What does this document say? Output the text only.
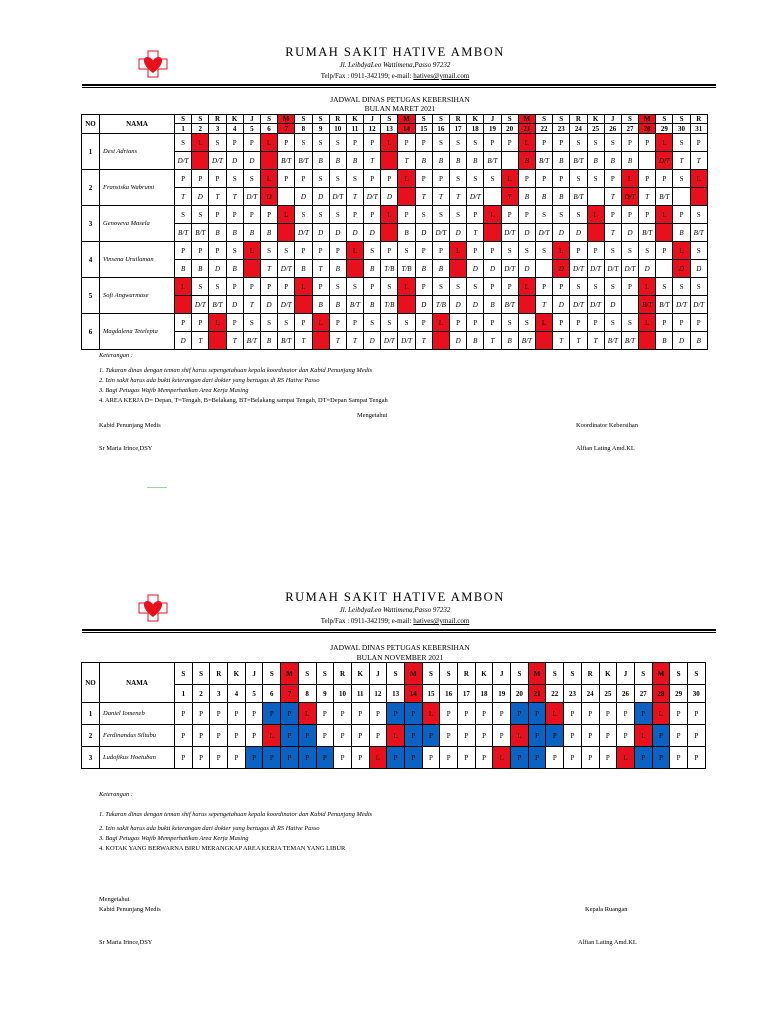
RUMAH SAKIT HATIVE AMBON
Jl. LeibdyaLeo Wattimena,Passo 97232
Telp/Fax : 0911-342199; e-mail: hatives@ymail.com
JADWAL DINAS PETUGAS KEBERSIHAN
BULAN MARET 2021
NO	NAMA	S	S	R	K	J	S	M	S	S	R	K	J	S	M	S	S	R	K	J	S	M	S	S	R	K	J	S	M	S	S	R
		1	2	3	4	5	6	7	8	9	10	11	12	13	14	15	16	17	18	19	20	21	22	23	24	25	26	27	28	29	30	31
1	Desi Adrians	S	L	S	P	P	L	P	S	S	S	P	P	L	P	P	S	S	S	P	P	L	P	P	S	S	S	P	P	L	S	P
		D/T		D/T	D	D		B/T	B/T	B	B	B	T		T	B	B	B	B	B/T		B	B/T	B	B/T	B	B	B		D/T	T	T
2	Fransiska Wabrumi	P	P	P	S	S	L	P	P	S	S	S	P	P	L	P	P	S	S	S	L	P	P	P	S	S	P	L	P	P	S	L
		T	D	T	T	D/T	D		D	D	D/T	T	D/T	D		T	T	T	D/T		T	B	B	B	B/T		T	D/T	T	B/T		
3	Genoveva Masela	S	S	P	P	P	P	L	S	S	S	P	P	L	P	S	S	S	P	L	P	P	S	S	S	L	P	P	P	L	P	S
		B/T	B/T	B	B	B	B		D/T	D	D	D	D		B	D	D/T	D	T		D/T	D	D/T	D	D		T	D	B/T		B	B/T
4	Vinsena Uruilaman	P	P	P	S	L	S	S	P	P	P	L	S	P	S	P	P	L	P	P	S	S	S	L	P	P	S	S	S	P	L	S
		B	B	D	B		T	D/T	B	T	B		B	T/B	T/B	B	B		D	D	D/T	D		D	D/T	D/T	D/T	D/T	D		D	D
5	Sofi Angwarmase	L	S	S	P	P	P	P	L	P	S	S	P	S	L	P	S	S	S	P	P	L	P	P	S	S	S	P	L	S	S	S
			D/T	B/T	D	T	D	D/T		B	B	B/T	B	T/B		D	T/B	D	D	B	B/T		T	D	D/T	D/T	D		B/T	B/T	D/T	D/T
6	Magdalena Tetelepta	P	P	L	P	S	S	S	P	L	P	P	S	S	S	P	L	P	P	P	S	S	L	P	P	P	S	S	L	P	P	P
		D	T		T	B/T	B	B/T	T		T	T	D	D/T	D/T	T		D	B	T	B	B/T		T	T	T	B/T	B/T		B	D	B
Keterangan :
1. Tukaran dinas dengan teman shif harus sepengetahuan kepala koordinator dan Kabid Penunjang Medis
2. Izin sakit harus ada bukti keterangan dari dokter yang bertugas di RS Hative Passo
3. Bagi Petugas Wajib Memperhatikan Area Kerja Masing
4. AREA KERJA D= Depan, T=Tengah, B=Belakang, BT=Belakang sampai Tengah, DT=Depan Sampai Tengah
Mengetahui
Kabid Penunjang Medis	Koordinator Kebersihan
Sr Maria Irince,DSY	Alfian Lating Amd.KL
RUMAH SAKIT HATIVE AMBON
Jl. LeibdyaLeo Wattimena,Passo 97232
Telp/Fax : 0911-342199; e-mail: hatives@ymail.com
JADWAL DINAS PETUGAS KEBERSIHAN
BULAN NOVEMBER 2021
NO	NAMA	S	S	R	K	J	S	M	S	S	R	K	J	S	M	S	S	R	K	J	S	M	S	S	R	K	J	S	M	S	S
		1	2	3	4	5	6	7	8	9	10	11	12	13	14	15	16	17	18	19	20	21	22	23	24	25	26	27	28	29	30
1	Daniel Iomeneb	P	P	P	P	P	P	P	L	P	P	P	P	P	P	L	P	P	P	P	P	P	L	P	P	P	P	P	L	P	P
2	Ferdinandus Siltubu	P	P	P	P	P	L	P	P	P	P	P	P	L	P	P	P	P	P	P	L	P	P	P	P	P	P	L	P	P	P
3	Ludofikus Hoetuban	P	P	P	P	P	P	P	P	P	P	P	L	P	P	P	P	P	P	L	P	P	P	P	P	P	L	P	P	P	P
Keterangan :
1. Tukaran dinas dengan teman shif harus sepengetahuan kepala koordinator dan Kabid Penunjang Medis
2. Izin sakit harus ada bukti keterangan dari dokter yang bertugas di RS Hative Passo
3. Bagi Petugas Wajib Memperhatikan Area Kerja Masing
4. KOTAK YANG BERWARNA BIRU MERANGKAP AREA KERJA TEMAN YANG LIBUR
Mengetahui
Kabid Penunjang Medis	Kepala Ruangan
Sr Maria Irince,DSY	Alfian Lating Amd.KL
